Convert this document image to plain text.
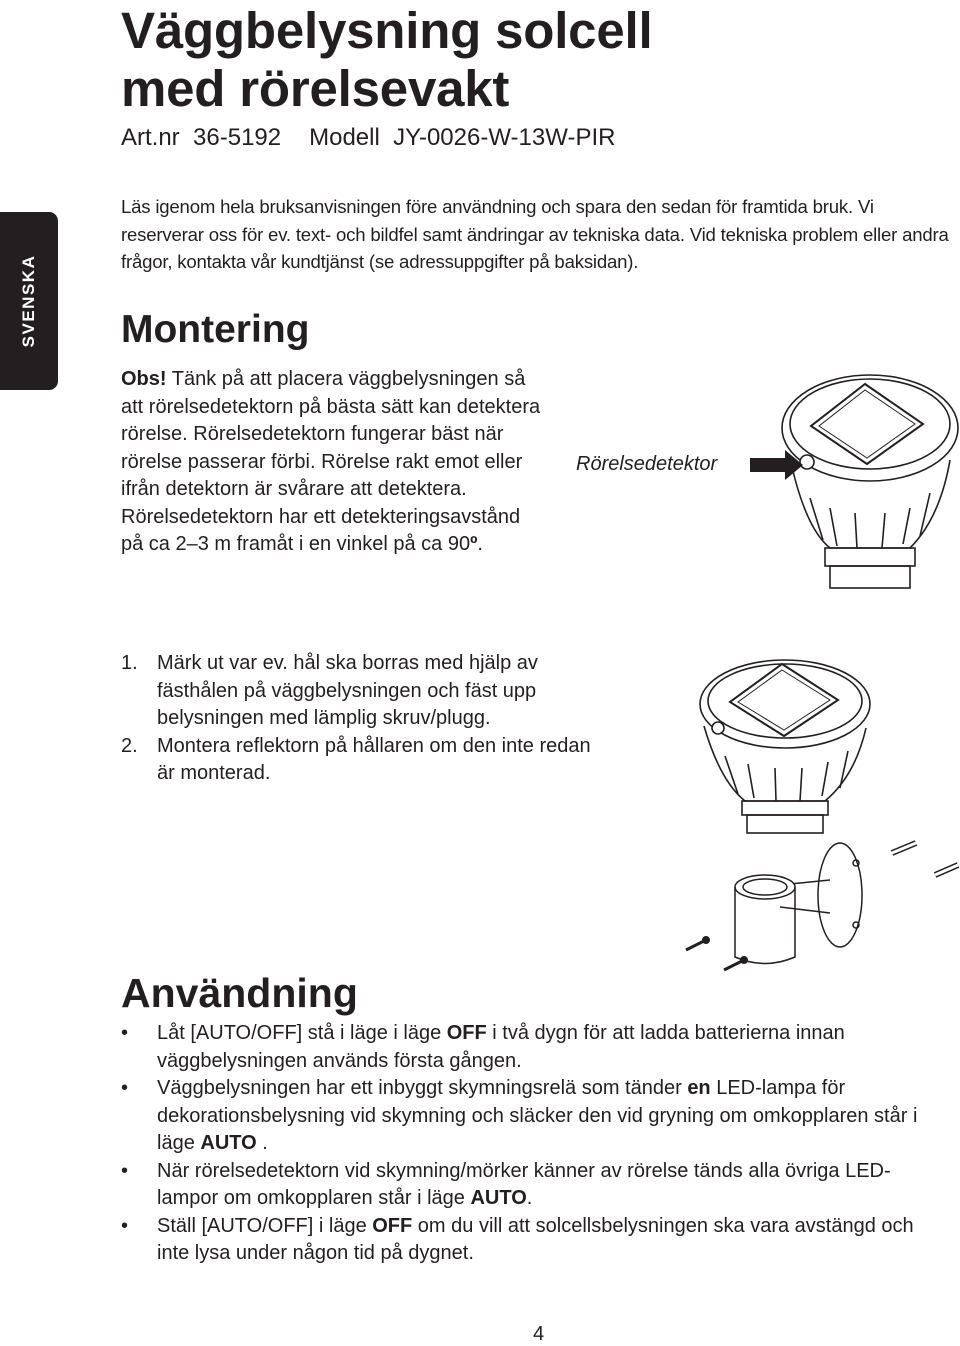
SVENSKA
Väggbelysning solcell
med rörelsevakt
Art.nr 36-5192 Modell JY-0026-W-13W-PIR

Läs igenom hela bruksanvisningen före användning och spara den sedan för framtida bruk. Vi reserverar oss för ev. text- och bildfel samt ändringar av tekniska data. Vid tekniska problem eller andra frågor, kontakta vår kundtjänst (se adressuppgifter på baksidan).

Montering

Obs! Tänk på att placera väggbelysningen så att rörelsedetektorn på bästa sätt kan detektera rörelse. Rörelsedetektorn fungerar bäst när rörelse passerar förbi. Rörelse rakt emot eller ifrån detektorn är svårare att detektera. Rörelsedetektorn har ett detekteringsavstånd på ca 2–3 m framåt i en vinkel på ca 90º.

Rörelsedetektor
1. Märk ut var ev. hål ska borras med hjälp av fästhålen på väggbelysningen och fäst upp belysningen med lämplig skruv/plugg.
2. Montera reflektorn på hållaren om den inte redan är monterad.
Användning
• Låt [AUTO/OFF] stå i läge i läge OFF i två dygn för att ladda batterierna innan väggbelysningen används första gången.
• Väggbelysningen har ett inbyggt skymningsrelä som tänder en LED-lampa för dekorationsbelysning vid skymning och släcker den vid gryning om omkopplaren står i läge AUTO .
• När rörelsedetektorn vid skymning/mörker känner av rörelse tänds alla övriga LED-lampor om omkopplaren står i läge AUTO.
• Ställ [AUTO/OFF] i läge OFF om du vill att solcellsbelysningen ska vara avstängd och inte lysa under någon tid på dygnet.
4
